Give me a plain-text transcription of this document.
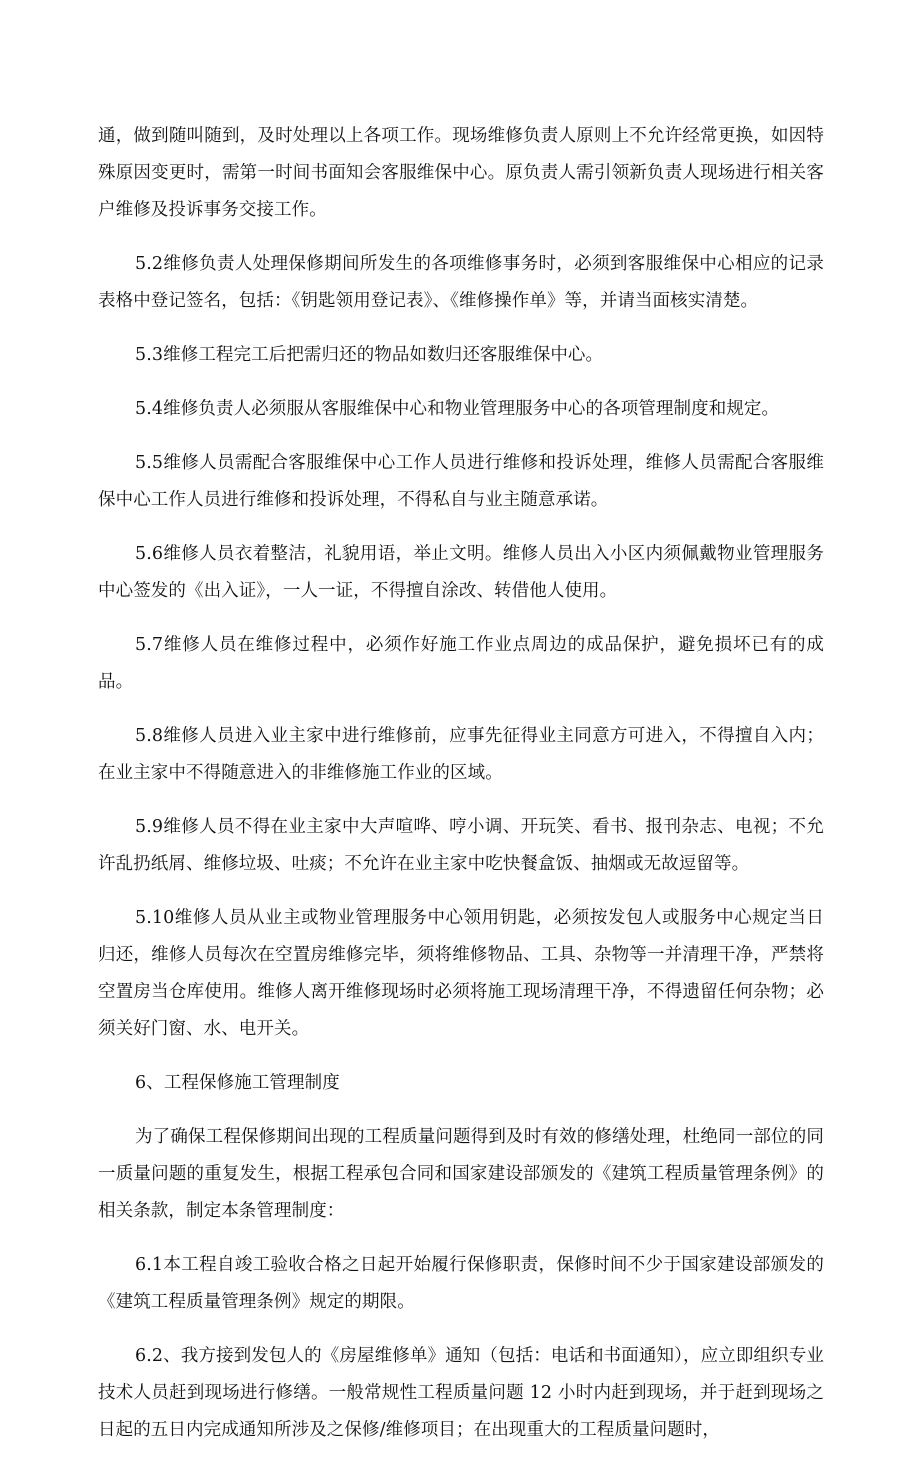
通，做到随叫随到，及时处理以上各项工作。现场维修负责人原则上不允许经常更换，如因特殊原因变更时，需第一时间书面知会客服维保中心。原负责人需引领新负责人现场进行相关客户维修及投诉事务交接工作。

5.2维修负责人处理保修期间所发生的各项维修事务时，必须到客服维保中心相应的记录表格中登记签名，包括：《钥匙领用登记表》、《维修操作单》等，并请当面核实清楚。

5.3维修工程完工后把需归还的物品如数归还客服维保中心。

5.4维修负责人必须服从客服维保中心和物业管理服务中心的各项管理制度和规定。

5.5维修人员需配合客服维保中心工作人员进行维修和投诉处理，维修人员需配合客服维保中心工作人员进行维修和投诉处理，不得私自与业主随意承诺。

5.6维修人员衣着整洁，礼貌用语，举止文明。维修人员出入小区内须佩戴物业管理服务中心签发的《出入证》，一人一证，不得擅自涂改、转借他人使用。

5.7维修人员在维修过程中，必须作好施工作业点周边的成品保护，避免损坏已有的成品。

5.8维修人员进入业主家中进行维修前，应事先征得业主同意方可进入，不得擅自入内；在业主家中不得随意进入的非维修施工作业的区域。

5.9维修人员不得在业主家中大声喧哗、哼小调、开玩笑、看书、报刊杂志、电视；不允许乱扔纸屑、维修垃圾、吐痰；不允许在业主家中吃快餐盒饭、抽烟或无故逗留等。

5.10维修人员从业主或物业管理服务中心领用钥匙，必须按发包人或服务中心规定当日归还，维修人员每次在空置房维修完毕，须将维修物品、工具、杂物等一并清理干净，严禁将空置房当仓库使用。维修人离开维修现场时必须将施工现场清理干净，不得遗留任何杂物；必须关好门窗、水、电开关。

6、工程保修施工管理制度

为了确保工程保修期间出现的工程质量问题得到及时有效的修缮处理，杜绝同一部位的同一质量问题的重复发生，根据工程承包合同和国家建设部颁发的《建筑工程质量管理条例》的相关条款，制定本条管理制度：

6.1本工程自竣工验收合格之日起开始履行保修职责，保修时间不少于国家建设部颁发的《建筑工程质量管理条例》规定的期限。

6.2、我方接到发包人的《房屋维修单》通知（包括：电话和书面通知），应立即组织专业技术人员赶到现场进行修缮。一般常规性工程质量问题 12 小时内赶到现场，并于赶到现场之日起的五日内完成通知所涉及之保修/维修项目；在出现重大的工程质量问题时，
